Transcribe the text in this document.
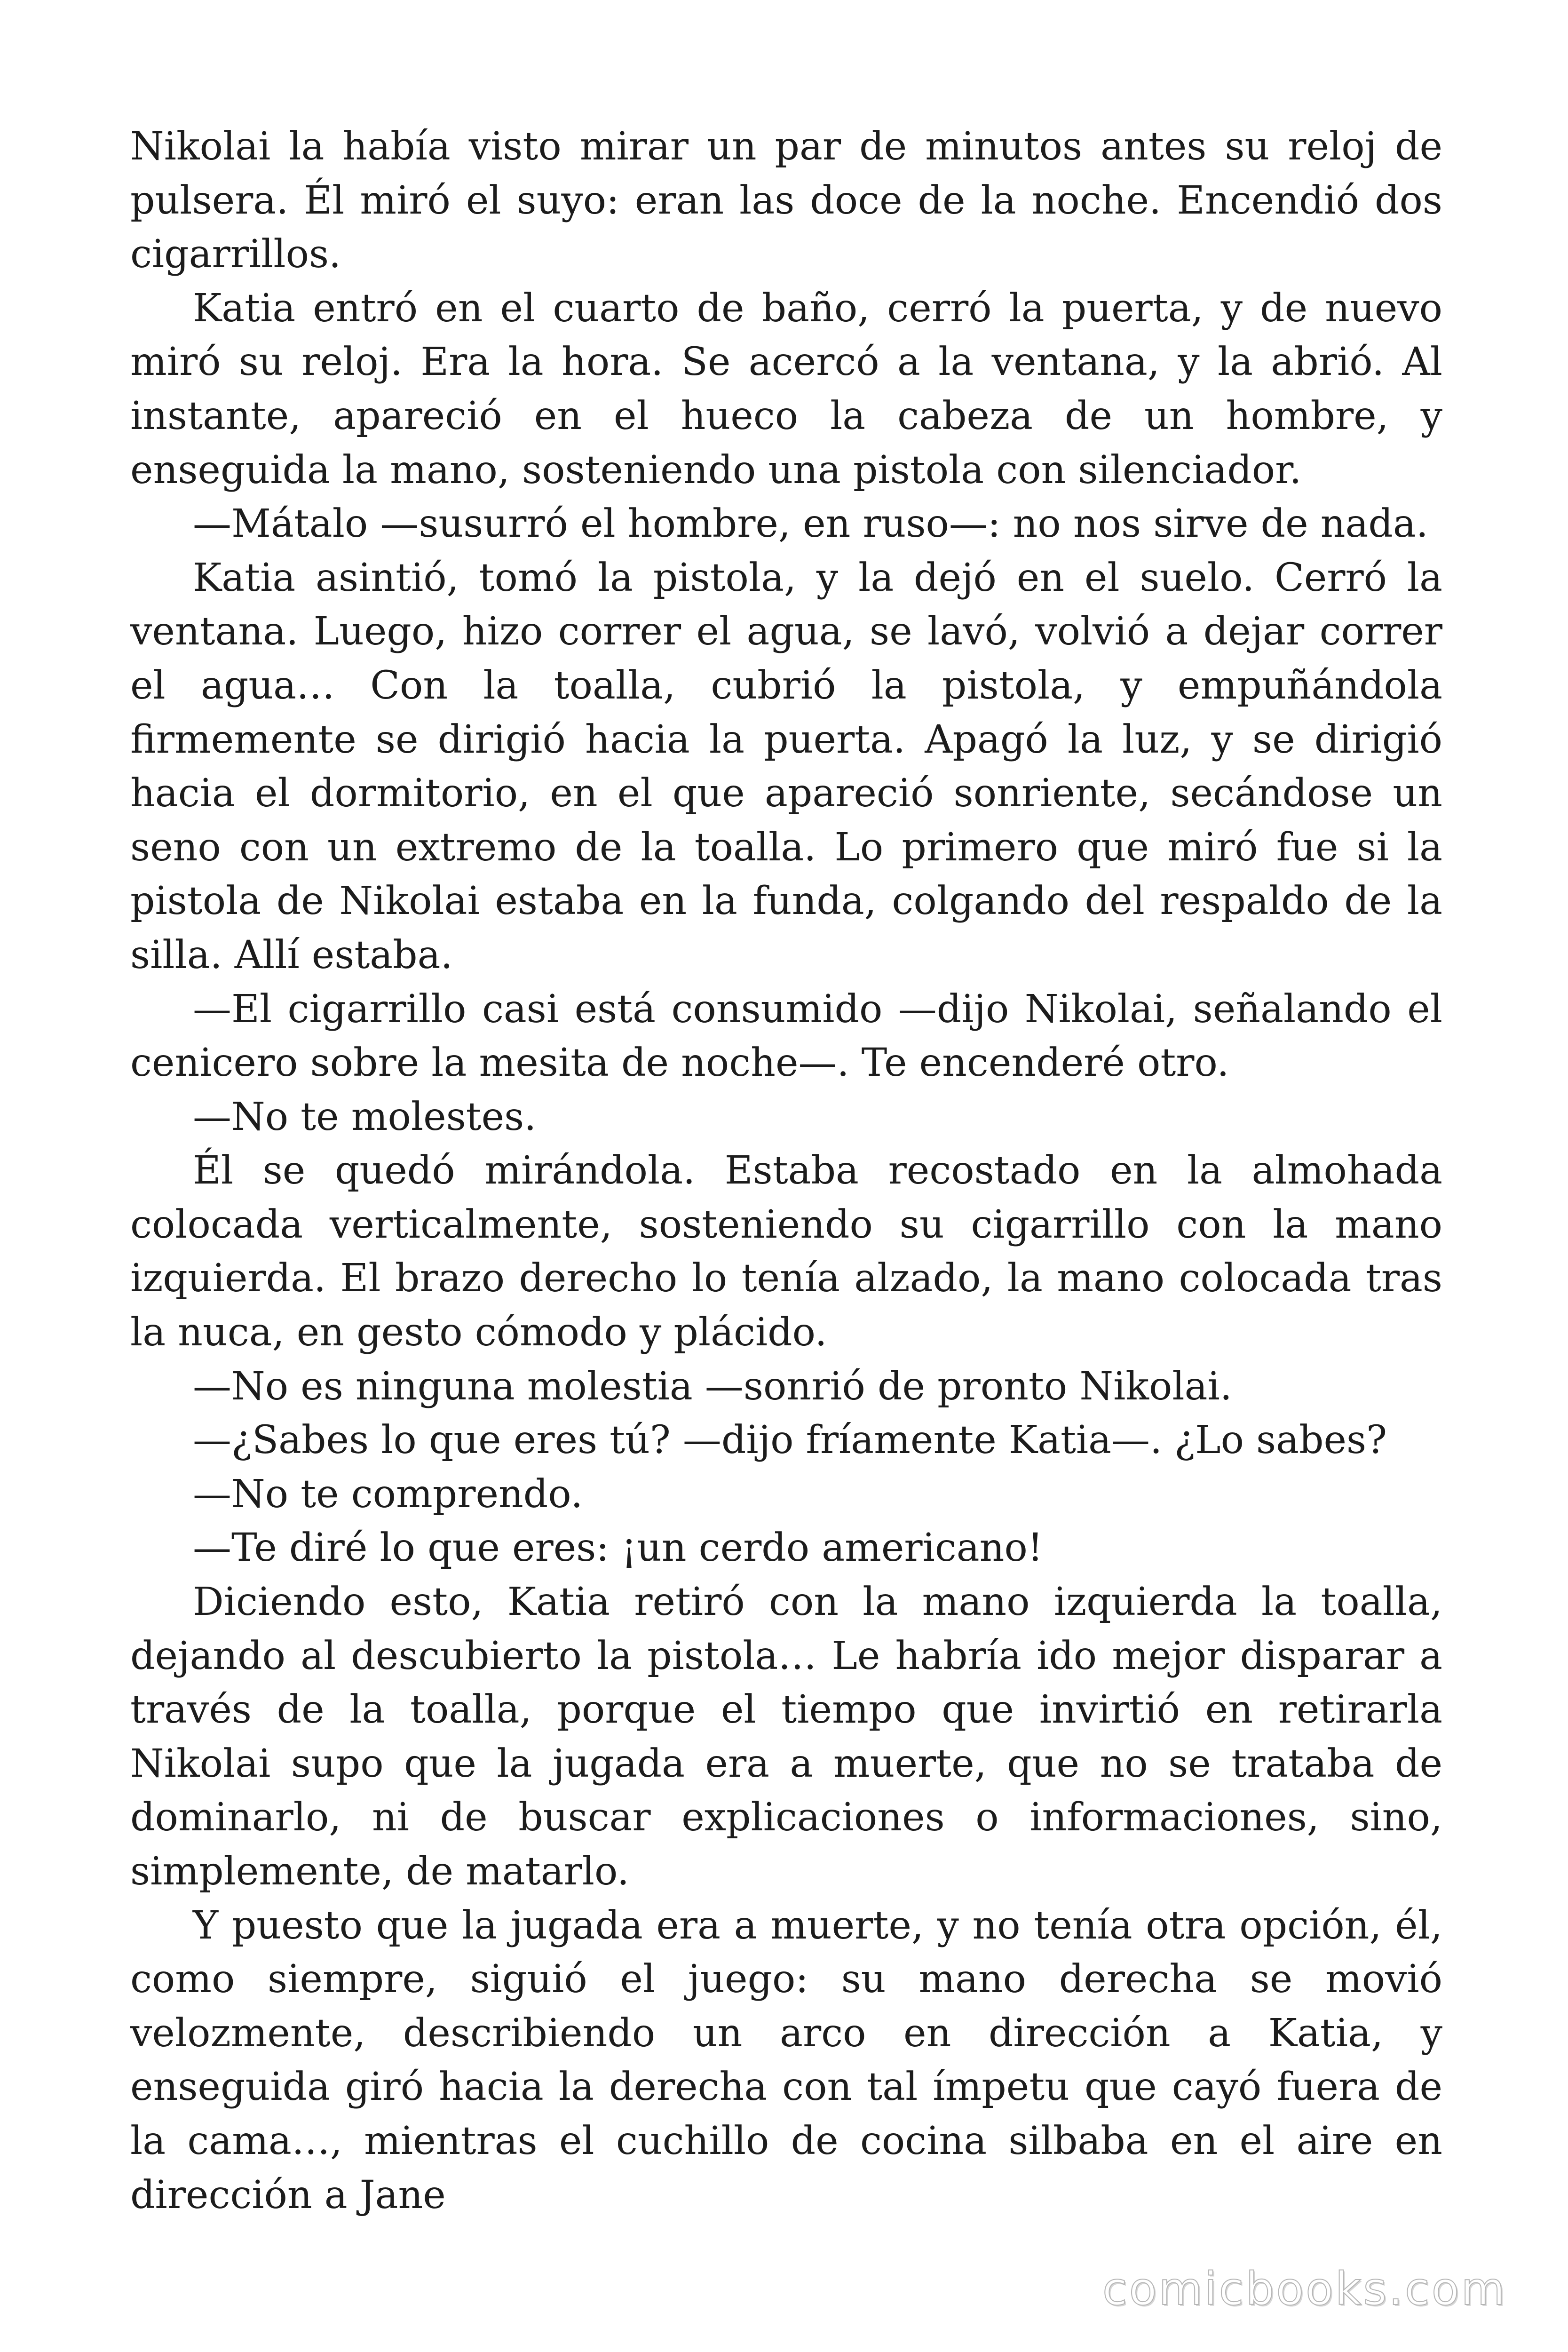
Nikolai la había visto mirar un par de minutos antes su reloj de pulsera. Él miró el suyo: eran las doce de la noche. Encendió dos cigarrillos.

Katia entró en el cuarto de baño, cerró la puerta, y de nuevo miró su reloj. Era la hora. Se acercó a la ventana, y la abrió. Al instante, apareció en el hueco la cabeza de un hombre, y enseguida la mano, sosteniendo una pistola con silenciador.

—Mátalo —susurró el hombre, en ruso—: no nos sirve de nada.

Katia asintió, tomó la pistola, y la dejó en el suelo. Cerró la ventana. Luego, hizo correr el agua, se lavó, volvió a dejar correr el agua… Con la toalla, cubrió la pistola, y empuñándola firmemente se dirigió hacia la puerta. Apagó la luz, y se dirigió hacia el dormitorio, en el que apareció sonriente, secándose un seno con un extremo de la toalla. Lo primero que miró fue si la pistola de Nikolai estaba en la funda, colgando del respaldo de la silla. Allí estaba.

—El cigarrillo casi está consumido —dijo Nikolai, señalando el cenicero sobre la mesita de noche—. Te encenderé otro.

—No te molestes.

Él se quedó mirándola. Estaba recostado en la almohada colocada verticalmente, sosteniendo su cigarrillo con la mano izquierda. El brazo derecho lo tenía alzado, la mano colocada tras la nuca, en gesto cómodo y plácido.

—No es ninguna molestia —sonrió de pronto Nikolai.

—¿Sabes lo que eres tú? —dijo fríamente Katia—. ¿Lo sabes?

—No te comprendo.

—Te diré lo que eres: ¡un cerdo americano!

Diciendo esto, Katia retiró con la mano izquierda la toalla, dejando al descubierto la pistola… Le habría ido mejor disparar a través de la toalla, porque el tiempo que invirtió en retirarla Nikolai supo que la jugada era a muerte, que no se trataba de dominarlo, ni de buscar explicaciones o informaciones, sino, simplemente, de matarlo.

Y puesto que la jugada era a muerte, y no tenía otra opción, él, como siempre, siguió el juego: su mano derecha se movió velozmente, describiendo un arco en dirección a Katia, y enseguida giró hacia la derecha con tal ímpetu que cayó fuera de la cama…, mientras el cuchillo de cocina silbaba en el aire en dirección a Jane

comicbooks.com
